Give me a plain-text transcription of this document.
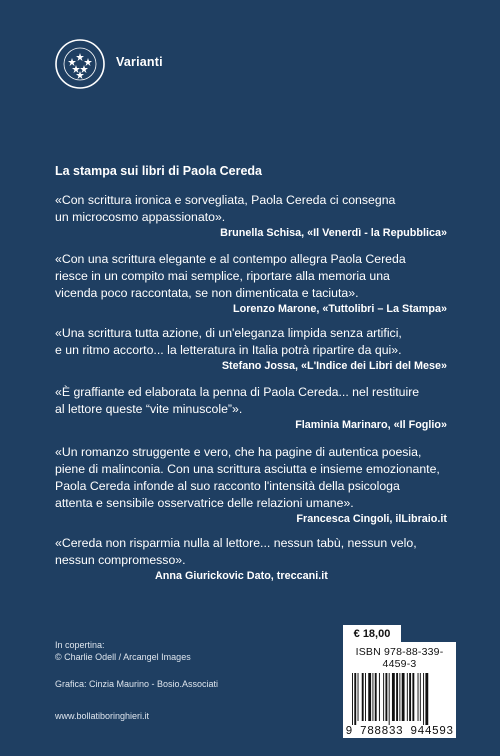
Varianti
La stampa sui libri di Paola Cereda

«Con scrittura ironica e sorvegliata, Paola Cereda ci consegna
un microcosmo appassionato».

Brunella Schisa, «Il Venerdì - la Repubblica»

«Con una scrittura elegante e al contempo allegra Paola Cereda
riesce in un compito mai semplice, riportare alla memoria una
vicenda poco raccontata, se non dimenticata e taciuta».

Lorenzo Marone, «Tuttolibri – La Stampa»

«Una scrittura tutta azione, di un'eleganza limpida senza artifici,
e un ritmo accorto... la letteratura in Italia potrà ripartire da qui».

Stefano Jossa, «L'Indice dei Libri del Mese»

«È graffiante ed elaborata la penna di Paola Cereda... nel restituire
al lettore queste “vite minuscole”».

Flaminia Marinaro, «Il Foglio»

«Un romanzo struggente e vero, che ha pagine di autentica poesia,
piene di malinconia. Con una scrittura asciutta e insieme emozionante,
Paola Cereda infonde al suo racconto l'intensità della psicologa
attenta e sensibile osservatrice delle relazioni umane».

Francesca Cingoli, ilLibraio.it

«Cereda non risparmia nulla al lettore... nessun tabù, nessun velo,
nessun compromesso».

Anna Giurickovic Dato, treccani.it
In copertina:
© Charlie Odell / Arcangel Images
Grafica: Cinzia Maurino - Bosio.Associati
www.bollatiboringhieri.it
€ 18,00
ISBN 978-88-339-4459-3
9 788833 944593
